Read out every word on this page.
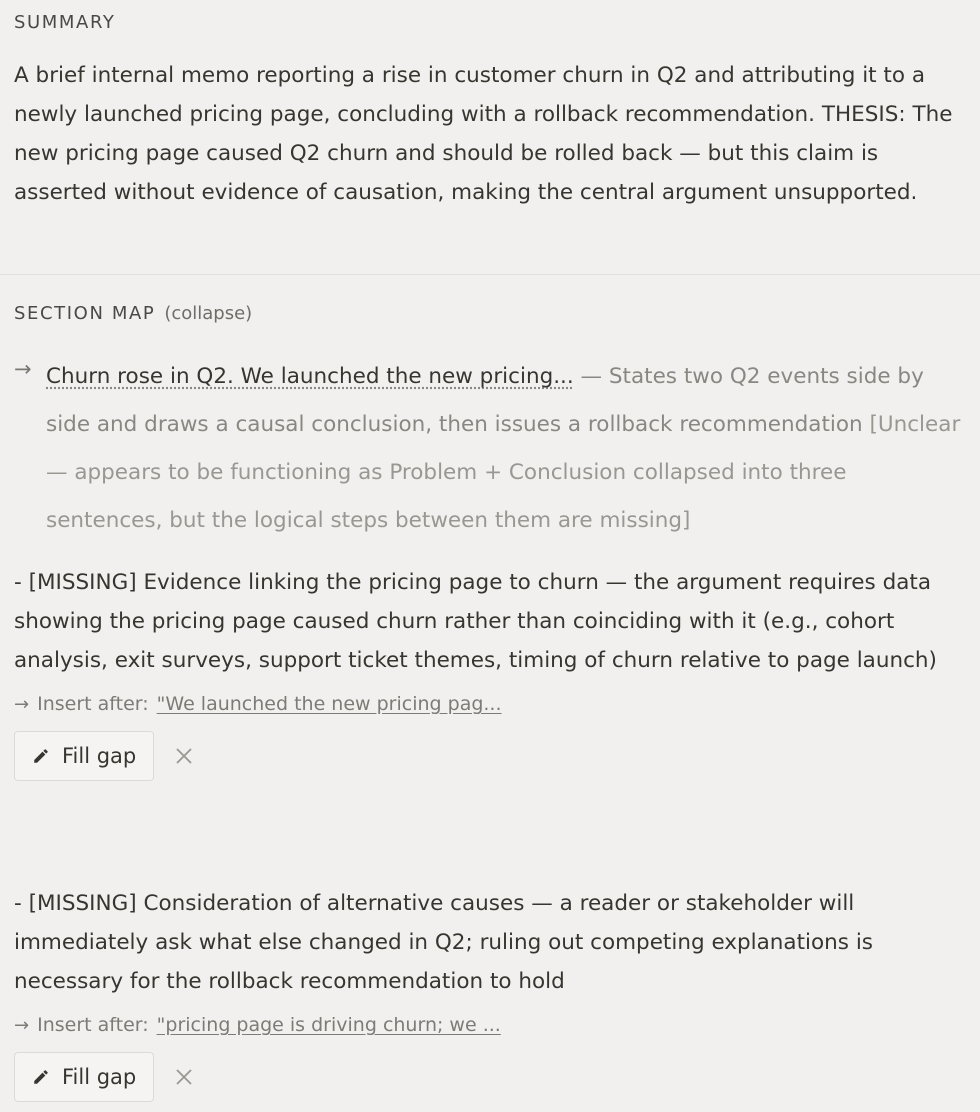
SUMMARY
A brief internal memo reporting a rise in customer churn in Q2 and attributing it to a newly launched pricing page, concluding with a rollback recommendation. THESIS: The new pricing page caused Q2 churn and should be rolled back — but this claim is asserted without evidence of causation, making the central argument unsupported.
SECTION MAP (collapse)
→ Churn rose in Q2. We launched the new pricing... — States two Q2 events side by side and draws a causal conclusion, then issues a rollback recommendation [Unclear — appears to be functioning as Problem + Conclusion collapsed into three sentences, but the logical steps between them are missing]
- [MISSING] Evidence linking the pricing page to churn — the argument requires data showing the pricing page caused churn rather than coinciding with it (e.g., cohort analysis, exit surveys, support ticket themes, timing of churn relative to page launch)
→ Insert after: "We launched the new pricing pag...
Fill gap
- [MISSING] Consideration of alternative causes — a reader or stakeholder will immediately ask what else changed in Q2; ruling out competing explanations is necessary for the rollback recommendation to hold
→ Insert after: "pricing page is driving churn; we ...
Fill gap
